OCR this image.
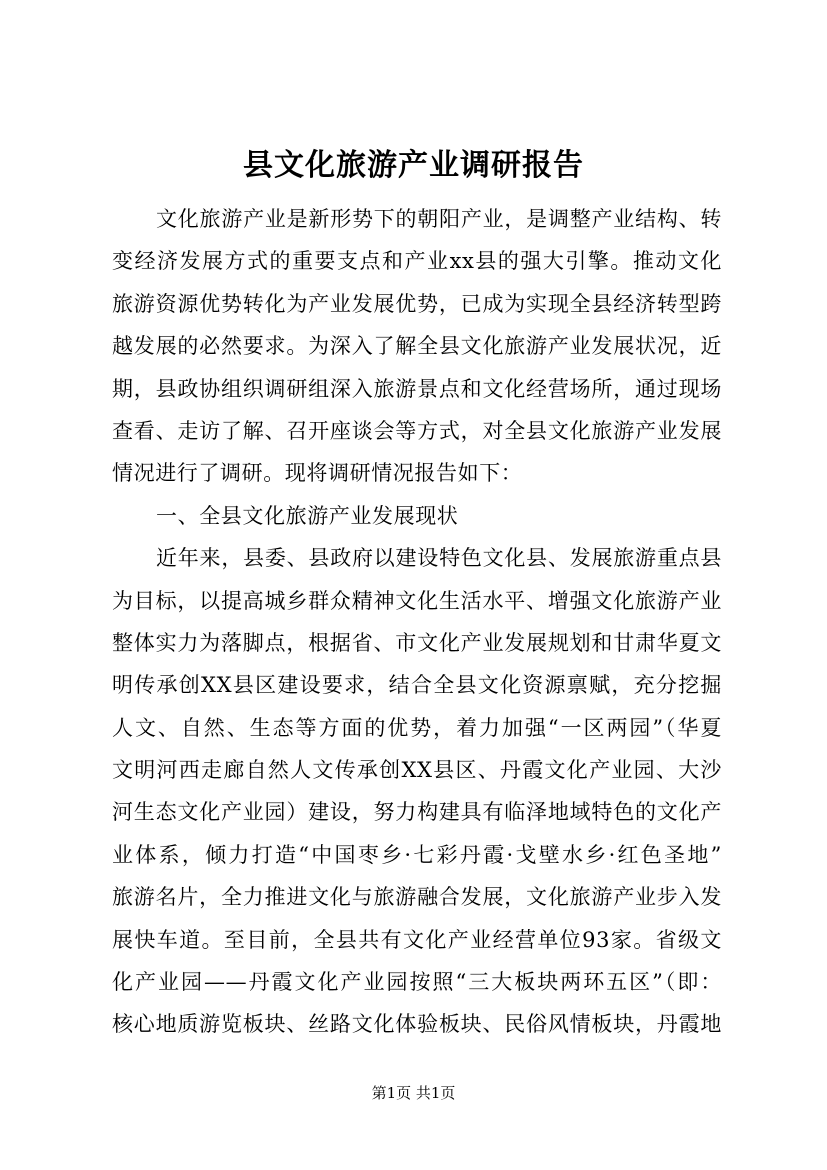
县文化旅游产业调研报告
文化旅游产业是新形势下的朝阳产业，是调整产业结构、转
变经济发展方式的重要支点和产业xx县的强大引擎。推动文化
旅游资源优势转化为产业发展优势，已成为实现全县经济转型跨
越发展的必然要求。为深入了解全县文化旅游产业发展状况，近
期，县政协组织调研组深入旅游景点和文化经营场所，通过现场
查看、走访了解、召开座谈会等方式，对全县文化旅游产业发展
情况进行了调研。现将调研情况报告如下：
一、全县文化旅游产业发展现状
近年来，县委、县政府以建设特色文化县、发展旅游重点县
为目标，以提高城乡群众精神文化生活水平、增强文化旅游产业
整体实力为落脚点，根据省、市文化产业发展规划和甘肃华夏文
明传承创XX县区建设要求，结合全县文化资源禀赋，充分挖掘
人文、自然、生态等方面的优势，着力加强“一区两园”（华夏
文明河西走廊自然人文传承创XX县区、丹霞文化产业园、大沙
河生态文化产业园）建设，努力构建具有临泽地域特色的文化产
业体系，倾力打造“中国枣乡·七彩丹霞·戈壁水乡·红色圣地”
旅游名片，全力推进文化与旅游融合发展，文化旅游产业步入发
展快车道。至目前，全县共有文化产业经营单位93家。省级文
化产业园——丹霞文化产业园按照“三大板块两环五区”（即：
核心地质游览板块、丝路文化体验板块、民俗风情板块，丹霞地
第1页 共1页
